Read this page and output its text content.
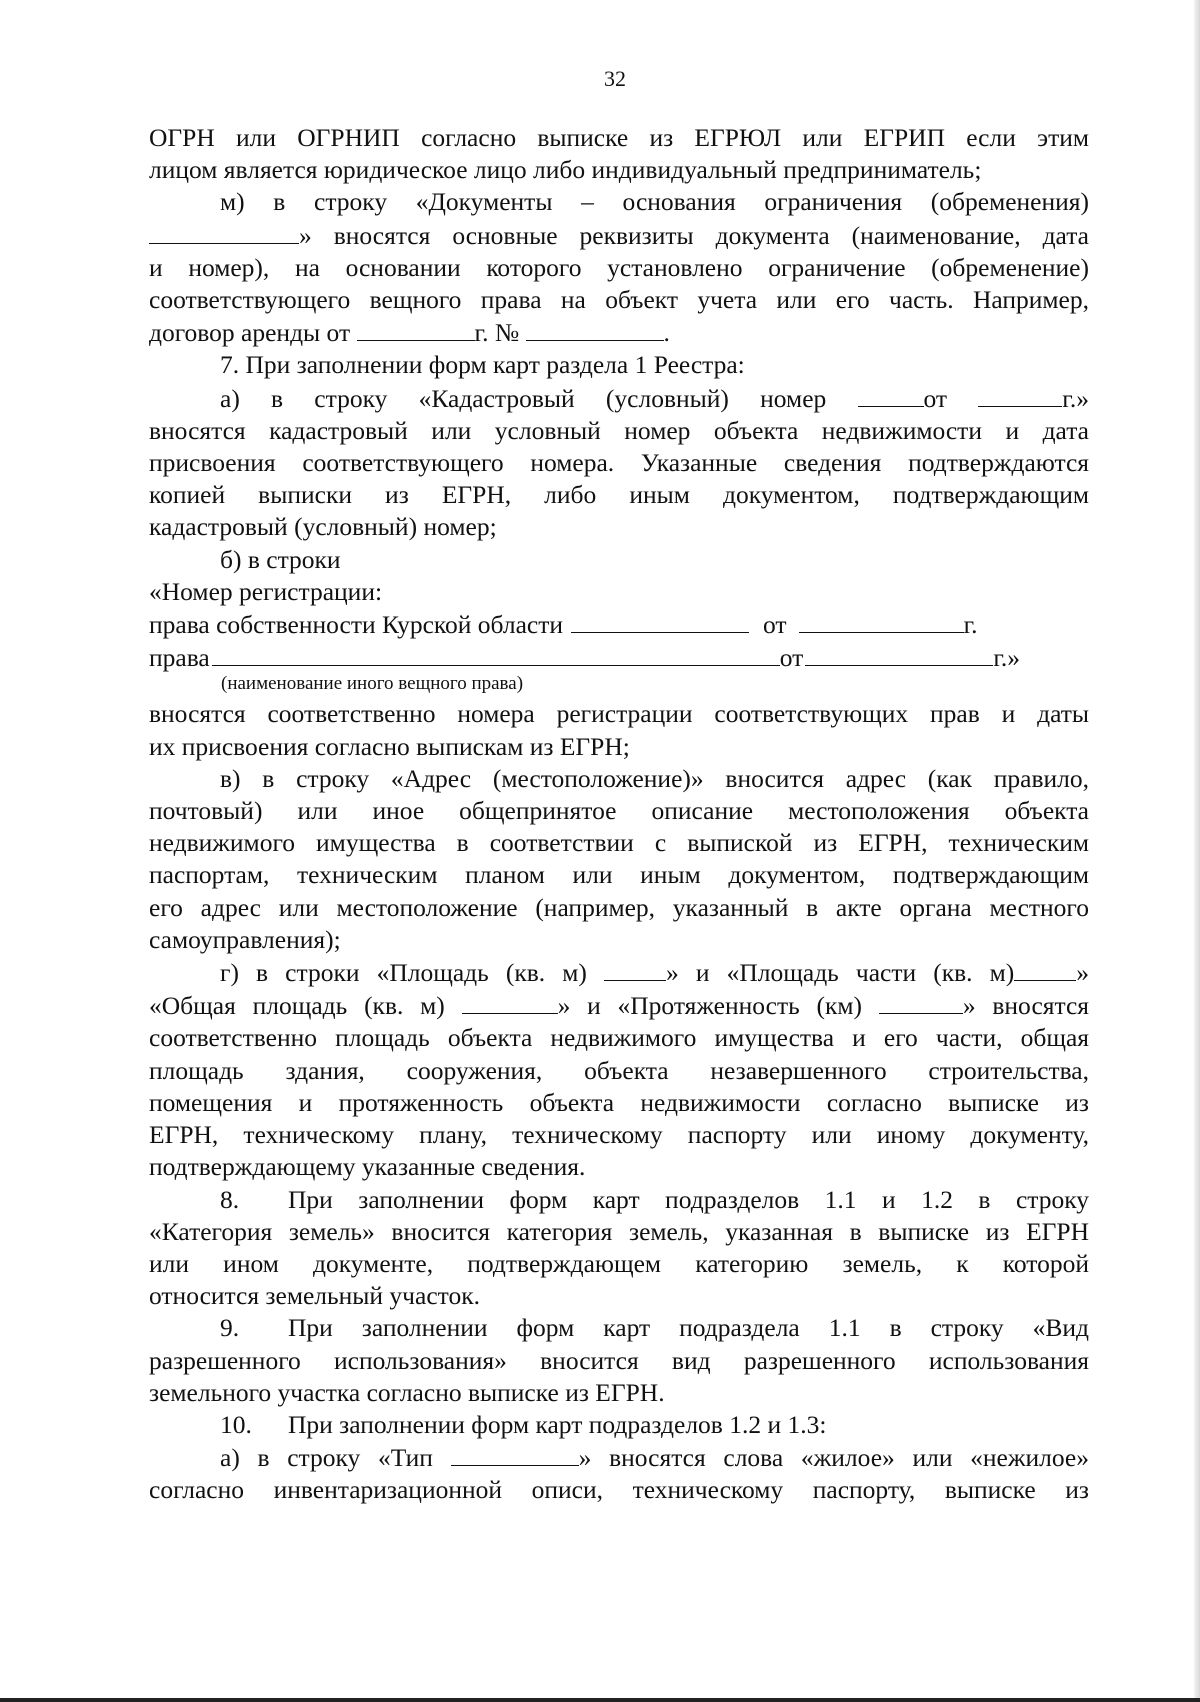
32
ОГРН или ОГРНИП согласно выписке из ЕГРЮЛ или ЕГРИП если этим
лицом является юридическое лицо либо индивидуальный предприниматель;
м) в строку «Документы – основания ограничения (обременения)
» вносятся основные реквизиты документа (наименование, дата
и номер), на основании которого установлено ограничение (обременение)
соответствующего вещного права на объект учета или его часть. Например,
договор аренды от	г. №	.
7. При заполнении форм карт раздела 1 Реестра:
а) в строку «Кадастровый (условный) номер	от	г.»
вносятся кадастровый или условный номер объекта недвижимости и дата
присвоения соответствующего номера. Указанные сведения подтверждаются
копией выписки из ЕГРН, либо иным документом, подтверждающим
кадастровый (условный) номер;
б) в строки
«Номер регистрации:
права собственности Курской области	от	г.
права	от	г.»
(наименование иного вещного права)
вносятся соответственно номера регистрации соответствующих прав и даты
их присвоения согласно выпискам из ЕГРН;
в) в строку «Адрес (местоположение)» вносится адрес (как правило,
почтовый) или иное общепринятое описание местоположения объекта
недвижимого имущества в соответствии с выпиской из ЕГРН, техническим
паспортам, техническим планом или иным документом, подтверждающим
его адрес или местоположение (например, указанный в акте органа местного
самоуправления);
г) в строки «Площадь (кв. м)	» и «Площадь части (кв. м) »
«Общая площадь (кв. м)	» и «Протяженность (км)	» вносятся
соответственно площадь объекта недвижимого имущества и его части, общая
площадь здания, сооружения, объекта незавершенного строительства,
помещения и протяженность объекта недвижимости согласно выписке из
ЕГРН, техническому плану, техническому паспорту или иному документу,
подтверждающему указанные сведения.
8. При заполнении форм карт подразделов 1.1 и 1.2 в строку
«Категория земель» вносится категория земель, указанная в выписке из ЕГРН
или ином документе, подтверждающем категорию земель, к которой
относится земельный участок.
9. При заполнении форм карт подраздела 1.1 в строку «Вид
разрешенного использования» вносится вид разрешенного использования
земельного участка согласно выписке из ЕГРН.
10. При заполнении форм карт подразделов 1.2 и 1.3:
а) в строку «Тип	» вносятся слова «жилое» или «нежилое»
согласно инвентаризационной описи, техническому паспорту, выписке из
